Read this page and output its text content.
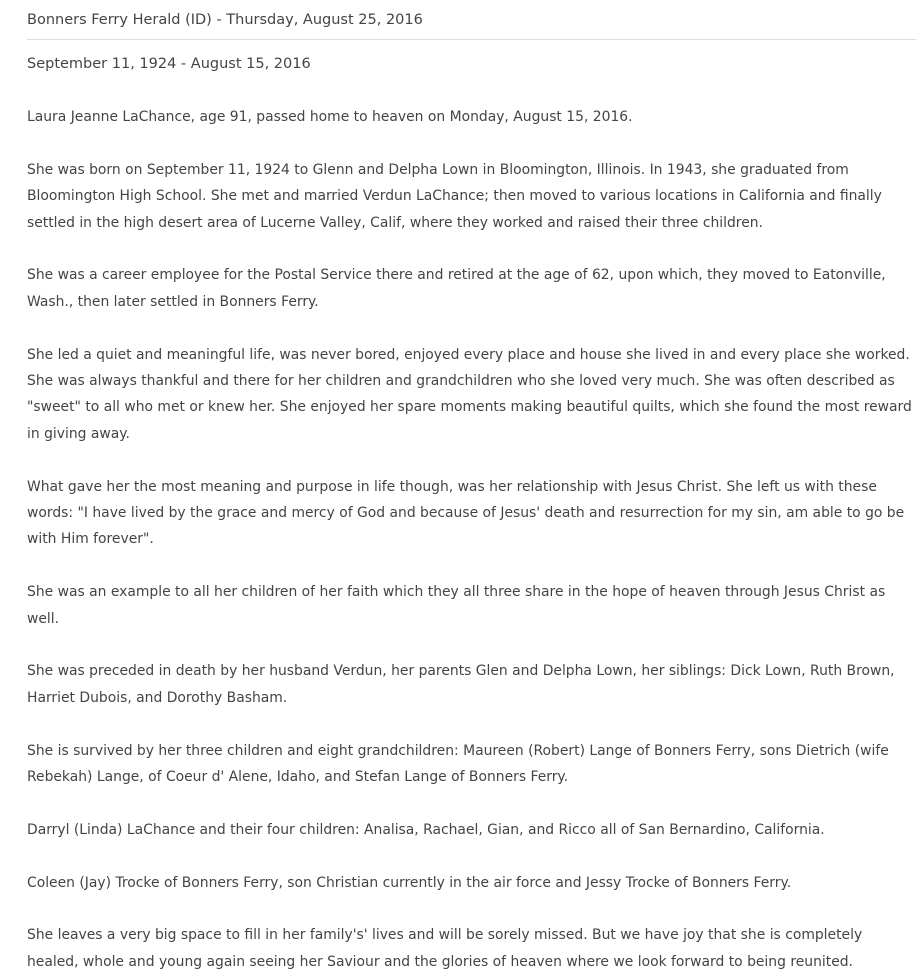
Bonners Ferry Herald (ID) - Thursday, August 25, 2016
September 11, 1924 - August 15, 2016

Laura Jeanne LaChance, age 91, passed home to heaven on Monday, August 15, 2016.

She was born on September 11, 1924 to Glenn and Delpha Lown in Bloomington, Illinois. In 1943, she graduated from Bloomington High School. She met and married Verdun LaChance; then moved to various locations in California and finally settled in the high desert area of Lucerne Valley, Calif, where they worked and raised their three children.

She was a career employee for the Postal Service there and retired at the age of 62, upon which, they moved to Eatonville, Wash., then later settled in Bonners Ferry.

She led a quiet and meaningful life, was never bored, enjoyed every place and house she lived in and every place she worked. She was always thankful and there for her children and grandchildren who she loved very much. She was often described as "sweet" to all who met or knew her. She enjoyed her spare moments making beautiful quilts, which she found the most reward in giving away.

What gave her the most meaning and purpose in life though, was her relationship with Jesus Christ. She left us with these words: "I have lived by the grace and mercy of God and because of Jesus' death and resurrection for my sin, am able to go be with Him forever".

She was an example to all her children of her faith which they all three share in the hope of heaven through Jesus Christ as well.

She was preceded in death by her husband Verdun, her parents Glen and Delpha Lown, her siblings: Dick Lown, Ruth Brown, Harriet Dubois, and Dorothy Basham.

She is survived by her three children and eight grandchildren: Maureen (Robert) Lange of Bonners Ferry, sons Dietrich (wife Rebekah) Lange, of Coeur d' Alene, Idaho, and Stefan Lange of Bonners Ferry.

Darryl (Linda) LaChance and their four children: Analisa, Rachael, Gian, and Ricco all of San Bernardino, California.

Coleen (Jay) Trocke of Bonners Ferry, son Christian currently in the air force and Jessy Trocke of Bonners Ferry.

She leaves a very big space to fill in her family's' lives and will be sorely missed. But we have joy that she is completely healed, whole and young again seeing her Saviour and the glories of heaven where we look forward to being reunited.
